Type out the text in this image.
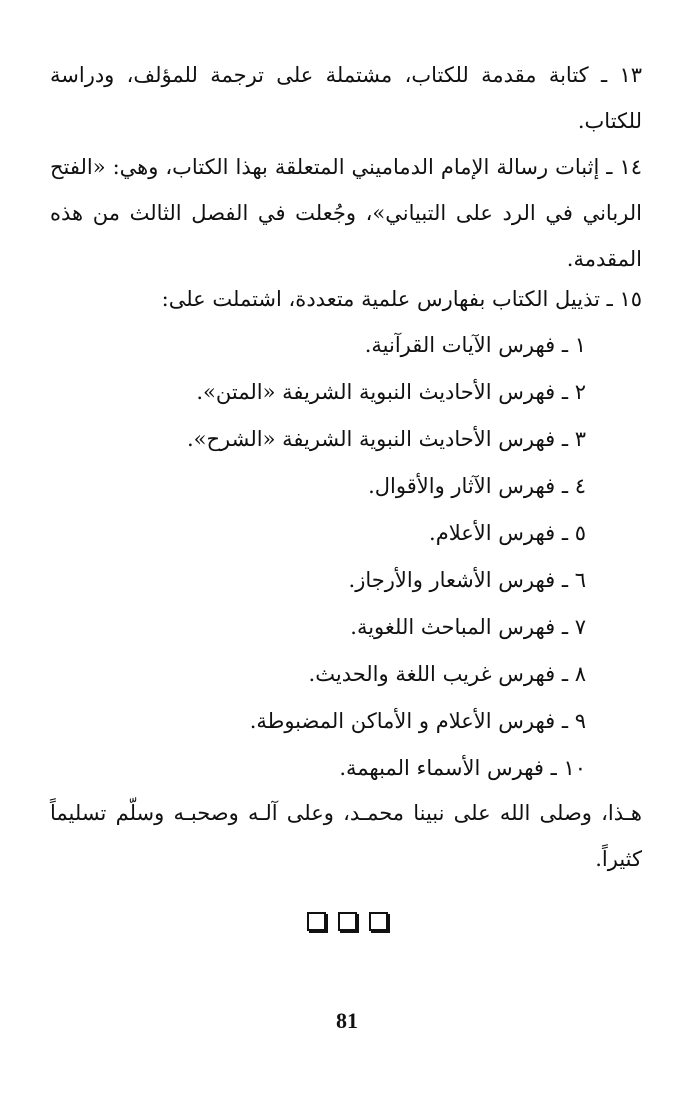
١٣ ـ كتابة مقدمة للكتاب، مشتملة على ترجمة للمؤلف، ودراسة للكتاب.

١٤ ـ إثبات رسالة الإمام الدماميني المتعلقة بهذا الكتاب، وهي: «الفتح الرباني في الرد على التبياني»، وجُعلت في الفصل الثالث من هذه المقدمة.

١٥ ـ تذييل الكتاب بفهارس علمية متعددة، اشتملت على:

١ ـ فهرس الآيات القرآنية.
٢ ـ فهرس الأحاديث النبوية الشريفة «المتن».
٣ ـ فهرس الأحاديث النبوية الشريفة «الشرح».
٤ ـ فهرس الآثار والأقوال.
٥ ـ فهرس الأعلام.
٦ ـ فهرس الأشعار والأرجاز.
٧ ـ فهرس المباحث اللغوية.
٨ ـ فهرس غريب اللغة والحديث.
٩ ـ فهرس الأعلام و الأماكن المضبوطة.
١٠ ـ فهرس الأسماء المبهمة.

هـذا، وصلى الله على نبينا محمـد، وعلى آلـه وصحبـه وسلّم تسليماً كثيراً.

81
